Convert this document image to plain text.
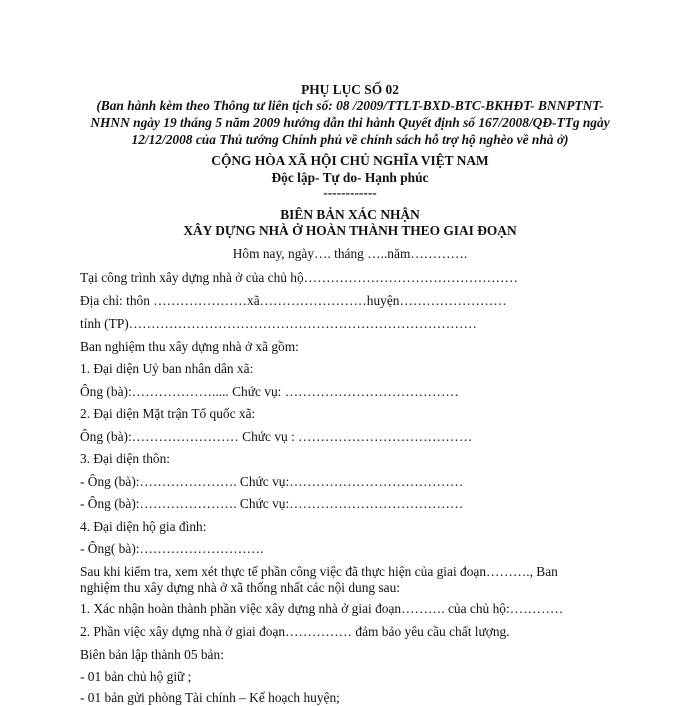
PHỤ LỤC SỐ 02
(Ban hành kèm theo Thông tư liên tịch số: 08 /2009/TTLT-BXD-BTC-BKHĐT- BNNPTNT-
NHNN ngày 19 tháng 5 năm 2009 hướng dẫn thi hành Quyết định số 167/2008/QĐ-TTg ngày
12/12/2008 của Thủ tướng Chính phủ về chính sách hỗ trợ hộ nghèo về nhà ở)
CỘNG HÒA XÃ HỘI CHỦ NGHĨA VIỆT NAM
Độc lập- Tự do- Hạnh phúc
------------
BIÊN BẢN XÁC NHẬN
XÂY DỰNG NHÀ Ở HOÀN THÀNH THEO GIAI ĐOẠN
Hôm nay, ngày…. tháng …..năm………….
Tại công trình xây dựng nhà ở của chủ hộ…………………………………………
Địa chỉ: thôn …………………xã……………………huyện……………………
tỉnh (TP)……………………………………………………………………
Ban nghiệm thu xây dựng nhà ở xã gồm:
1. Đại diện Uỷ ban nhân dân xã:
Ông (bà):………………..... Chức vụ: …………………………………
2. Đại diện Mặt trận Tổ quốc xã:
Ông (bà):…………………… Chức vụ : …………………………………
3. Đại diện thôn:
- Ông (bà):…………………. Chức vụ:…………………………………
- Ông (bà):…………………. Chức vụ:…………………………………
4. Đại diện hộ gia đình:
- Ông( bà):……………………….
Sau khi kiểm tra, xem xét thực tế phần công việc đã thực hiện của giai đoạn………., Ban
nghiệm thu xây dựng nhà ở xã thống nhất các nội dung sau:
1. Xác nhận hoàn thành phần việc xây dựng nhà ở giai đoạn………. của chủ hộ:…………
2. Phần việc xây dựng nhà ở giai đoạn…………… đảm bảo yêu cầu chất lượng.
Biên bản lập thành 05 bản:
- 01 bản chủ hộ giữ ;
- 01 bản gửi phòng Tài chính – Kế hoạch huyện;
